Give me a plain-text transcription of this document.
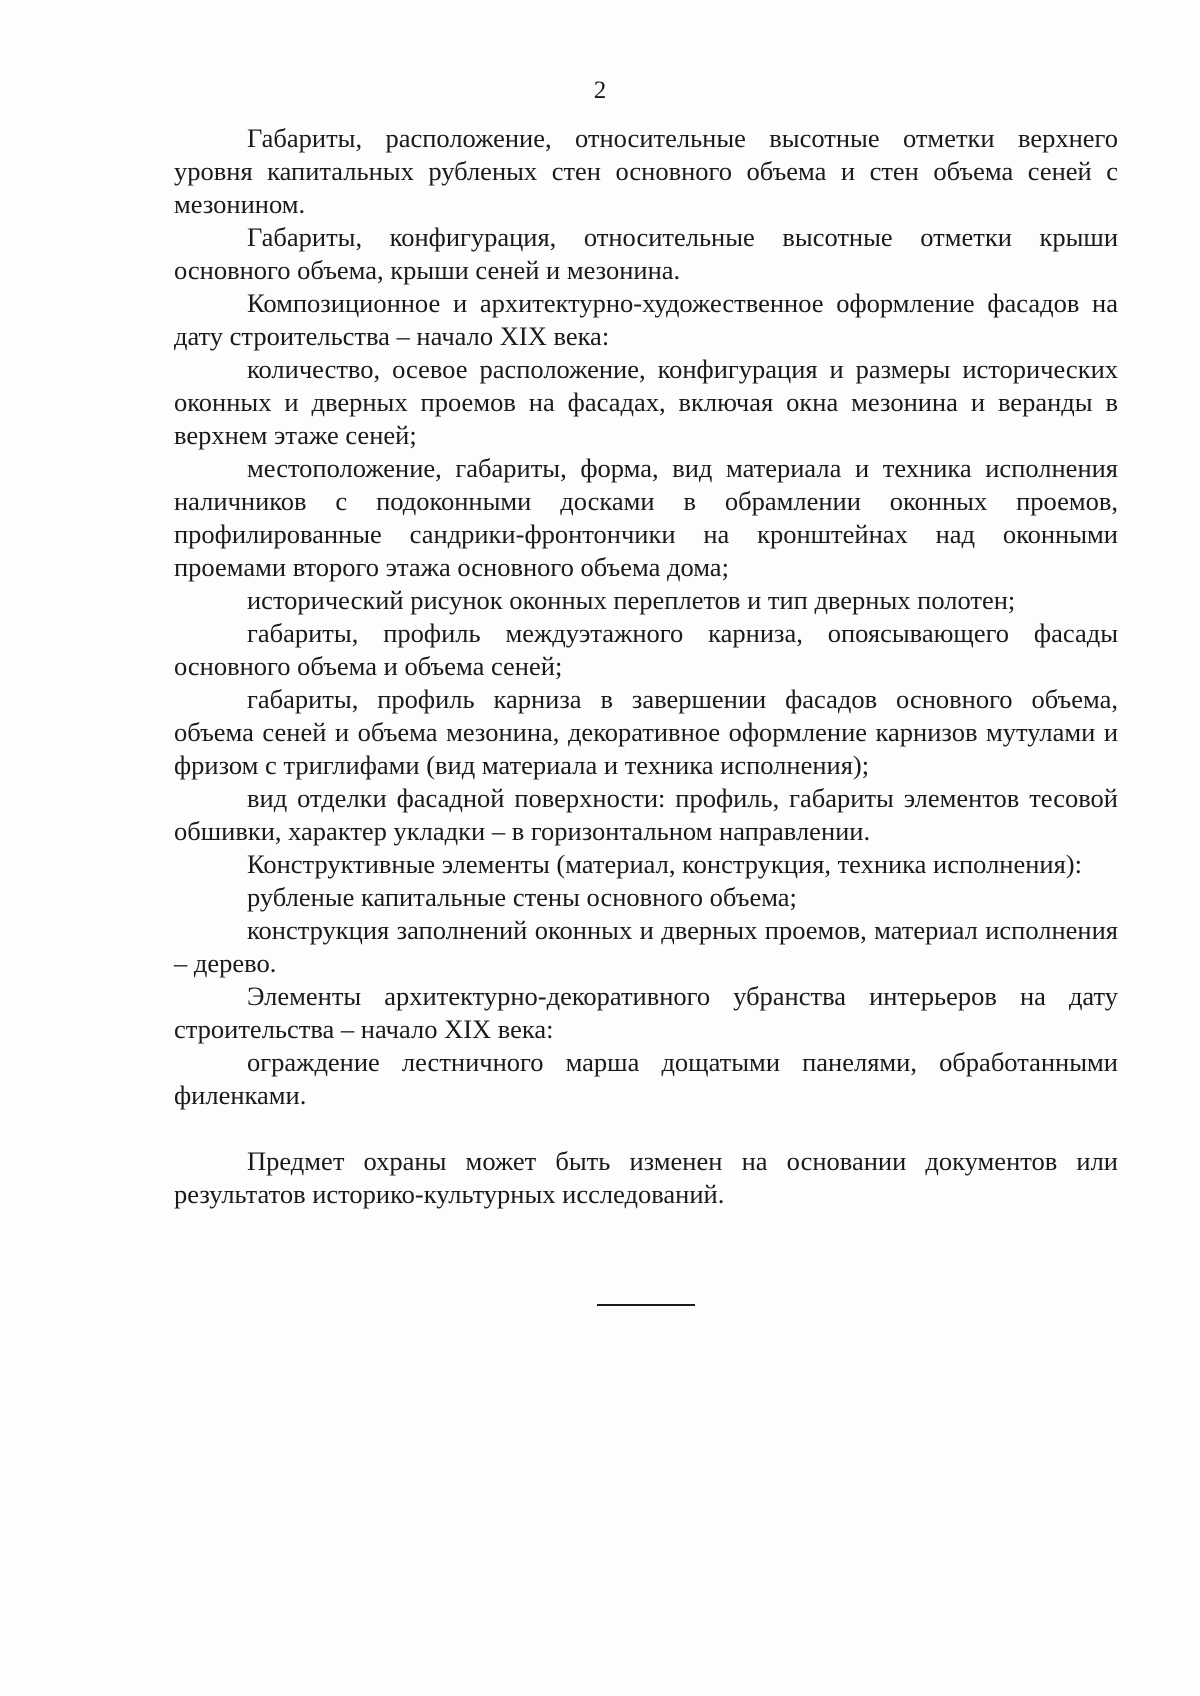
2

Габариты, расположение, относительные высотные отметки верхнего уровня капитальных рубленых стен основного объема и стен объема сеней с мезонином.

Габариты, конфигурация, относительные высотные отметки крыши основного объема, крыши сеней и мезонина.

Композиционное и архитектурно-художественное оформление фасадов на дату строительства – начало XIX века:

количество, осевое расположение, конфигурация и размеры исторических оконных и дверных проемов на фасадах, включая окна мезонина и веранды в верхнем этаже сеней;

местоположение, габариты, форма, вид материала и техника исполнения наличников с подоконными досками в обрамлении оконных проемов, профилированные сандрики-фронтончики на кронштейнах над оконными проемами второго этажа основного объема дома;

исторический рисунок оконных переплетов и тип дверных полотен;

габариты, профиль междуэтажного карниза, опоясывающего фасады основного объема и объема сеней;

габариты, профиль карниза в завершении фасадов основного объема, объема сеней и объема мезонина, декоративное оформление карнизов мутулами и фризом с триглифами (вид материала и техника исполнения);

вид отделки фасадной поверхности: профиль, габариты элементов тесовой обшивки, характер укладки – в горизонтальном направлении.

Конструктивные элементы (материал, конструкция, техника исполнения):

рубленые капитальные стены основного объема;

конструкция заполнений оконных и дверных проемов, материал исполнения – дерево.

Элементы архитектурно-декоративного убранства интерьеров на дату строительства – начало XIX века:

ограждение лестничного марша дощатыми панелями, обработанными филенками.

Предмет охраны может быть изменен на основании документов или результатов историко-культурных исследований.
